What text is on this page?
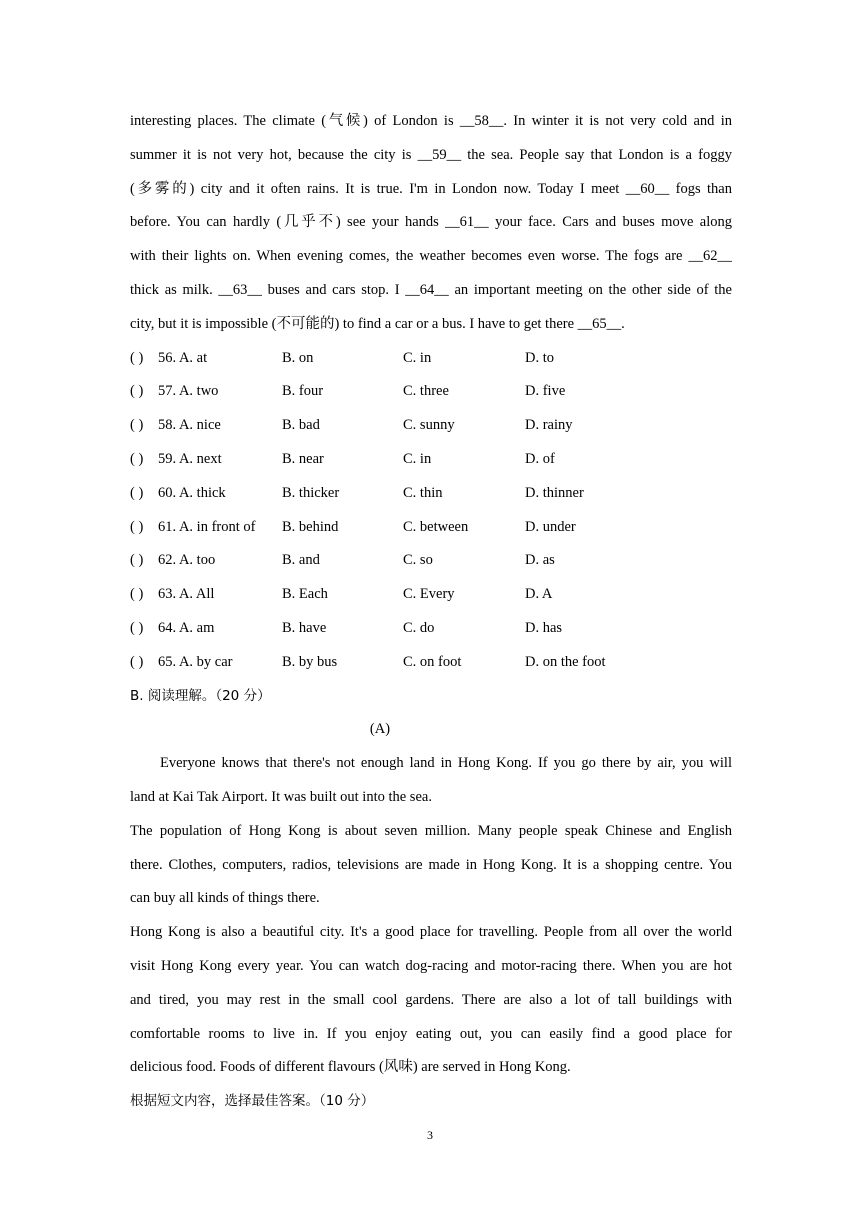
interesting places. The climate (气候) of London is __58__. In winter it is not very cold and in
summer it is not very hot, because the city is __59__ the sea. People say that London is a foggy
(多雾的) city and it often rains. It is true. I'm in London now. Today I meet __60__ fogs than
before. You can hardly (几乎不) see your hands __61__ your face. Cars and buses move along
with their lights on. When evening comes, the weather becomes even worse. The fogs are __62__
thick as milk. __63__ buses and cars stop. I __64__ an important meeting on the other side of the
city, but it is impossible (不可能的) to find a car or a bus. I have to get there __65__.
( ) 56. A. at	B. on	C. in	D. to
( ) 57. A. two	B. four	C. three	D. five
( ) 58. A. nice	B. bad	C. sunny	D. rainy
( ) 59. A. next	B. near	C. in	D. of
( ) 60. A. thick	B. thicker	C. thin	D. thinner
( ) 61. A. in front of B. behind	C. between	D. under
( ) 62. A. too	B. and	C. so	D. as
( ) 63. A. All	B. Each	C. Every	D. A
( ) 64. A. am	B. have	C. do	D. has
( ) 65. A. by car	B. by bus	C. on foot	D. on the foot
B. 阅读理解。（20 分）
(A)
Everyone knows that there's not enough land in Hong Kong. If you go there by air, you will
land at Kai Tak Airport. It was built out into the sea.
The population of Hong Kong is about seven million. Many people speak Chinese and English
there. Clothes, computers, radios, televisions are made in Hong Kong. It is a shopping centre. You
can buy all kinds of things there.
Hong Kong is also a beautiful city. It's a good place for travelling. People from all over the world
visit Hong Kong every year. You can watch dog-racing and motor-racing there. When you are hot
and tired, you may rest in the small cool gardens. There are also a lot of tall buildings with
comfortable rooms to live in. If you enjoy eating out, you can easily find a good place for
delicious food. Foods of different flavours (风味) are served in Hong Kong.
根据短文内容，选择最佳答案。（10 分）
3
